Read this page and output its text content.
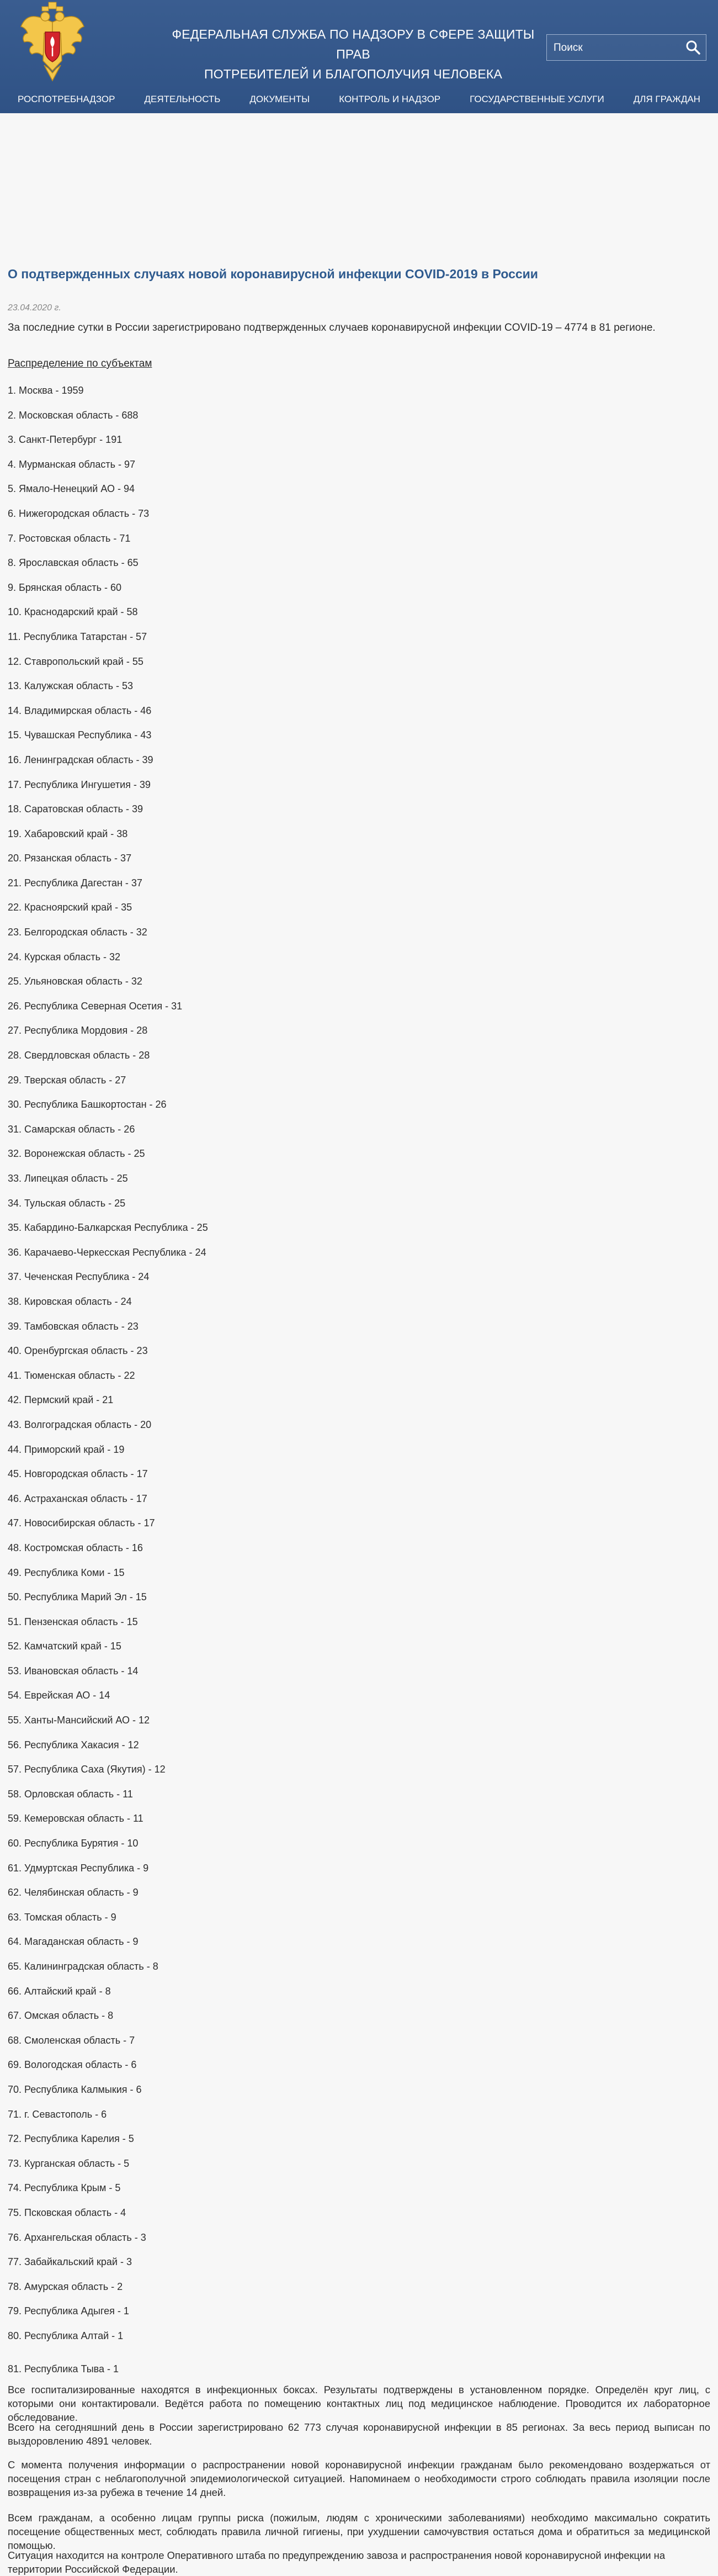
ФЕДЕРАЛЬНАЯ СЛУЖБА ПО НАДЗОРУ В СФЕРЕ ЗАЩИТЫ ПРАВ
ПОТРЕБИТЕЛЕЙ И БЛАГОПОЛУЧИЯ ЧЕЛОВЕКА
Поиск
РОСПОТРЕБНАДЗОР	ДЕЯТЕЛЬНОСТЬ	ДОКУМЕНТЫ	КОНТРОЛЬ И НАДЗОР	ГОСУДАРСТВЕННЫЕ УСЛУГИ	ДЛЯ ГРАЖДАН
О подтвержденных случаях новой коронавирусной инфекции COVID-2019 в России
23.04.2020 г.
За последние сутки в России зарегистрировано подтвержденных случаев коронавирусной инфекции COVID-19 – 4774 в 81 регионе.
Распределение по субъектам
1. Москва - 1959
2. Московская область - 688
3. Санкт-Петербург - 191
4. Мурманская область - 97
5. Ямало-Ненецкий АО - 94
6. Нижегородская область - 73
7. Ростовская область - 71
8. Ярославская область - 65
9. Брянская область - 60
10. Краснодарский край - 58
11. Республика Татарстан - 57
12. Ставропольский край - 55
13. Калужская область - 53
14. Владимирская область - 46
15. Чувашская Республика - 43
16. Ленинградская область - 39
17. Республика Ингушетия - 39
18. Саратовская область - 39
19. Хабаровский край - 38
20. Рязанская область - 37
21. Республика Дагестан - 37
22. Красноярский край - 35
23. Белгородская область - 32
24. Курская область - 32
25. Ульяновская область - 32
26. Республика Северная Осетия - 31
27. Республика Мордовия - 28
28. Свердловская область - 28
29. Тверская область - 27
30. Республика Башкортостан - 26
31. Самарская область - 26
32. Воронежская область - 25
33. Липецкая область - 25
34. Тульская область - 25
35. Кабардино-Балкарская Республика - 25
36. Карачаево-Черкесская Республика - 24
37. Чеченская Республика - 24
38. Кировская область - 24
39. Тамбовская область - 23
40. Оренбургская область - 23
41. Тюменская область - 22
42. Пермский край - 21
43. Волгоградская область - 20
44. Приморский край - 19
45. Новгородская область - 17
46. Астраханская область - 17
47. Новосибирская область - 17
48. Костромская область - 16
49. Республика Коми - 15
50. Республика Марий Эл - 15
51. Пензенская область - 15
52. Камчатский край - 15
53. Ивановская область - 14
54. Еврейская АО - 14
55. Ханты-Мансийский АО - 12
56. Республика Хакасия - 12
57. Республика Саха (Якутия) - 12
58. Орловская область - 11
59. Кемеровская область - 11
60. Республика Бурятия - 10
61. Удмуртская Республика - 9
62. Челябинская область - 9
63. Томская область - 9
64. Магаданская область - 9
65. Калининградская область - 8
66. Алтайский край - 8
67. Омская область - 8
68. Смоленская область - 7
69. Вологодская область - 6
70. Республика Калмыкия - 6
71. г. Севастополь - 6
72. Республика Карелия - 5
73. Курганская область - 5
74. Республика Крым - 5
75. Псковская область - 4
76. Архангельская область - 3
77. Забайкальский край - 3
78. Амурская область - 2
79. Республика Адыгея - 1
80. Республика Алтай - 1
81. Республика Тыва - 1

Все госпитализированные находятся в инфекционных боксах. Результаты подтверждены в установленном порядке. Определён круг лиц, с которыми они контактировали. Ведётся работа по помещению контактных лиц под медицинское наблюдение. Проводится их лабораторное обследование.

Всего на сегодняшний день в России зарегистрировано 62 773 случая коронавирусной инфекции в 85 регионах. За весь период выписан по выздоровлению 4891 человек.

С момента получения информации о распространении новой коронавирусной инфекции гражданам было рекомендовано воздержаться от посещения стран с неблагополучной эпидемиологической ситуацией. Напоминаем о необходимости строго соблюдать правила изоляции после возвращения из-за рубежа в течение 14 дней.

Всем гражданам, а особенно лицам группы риска (пожилым, людям с хроническими заболеваниями) необходимо максимально сократить посещение общественных мест, соблюдать правила личной гигиены, при ухудшении самочувствия остаться дома и обратиться за медицинской помощью.

Ситуация находится на контроле Оперативного штаба по предупреждению завоза и распространения новой коронавирусной инфекции на территории Российской Федерации.
